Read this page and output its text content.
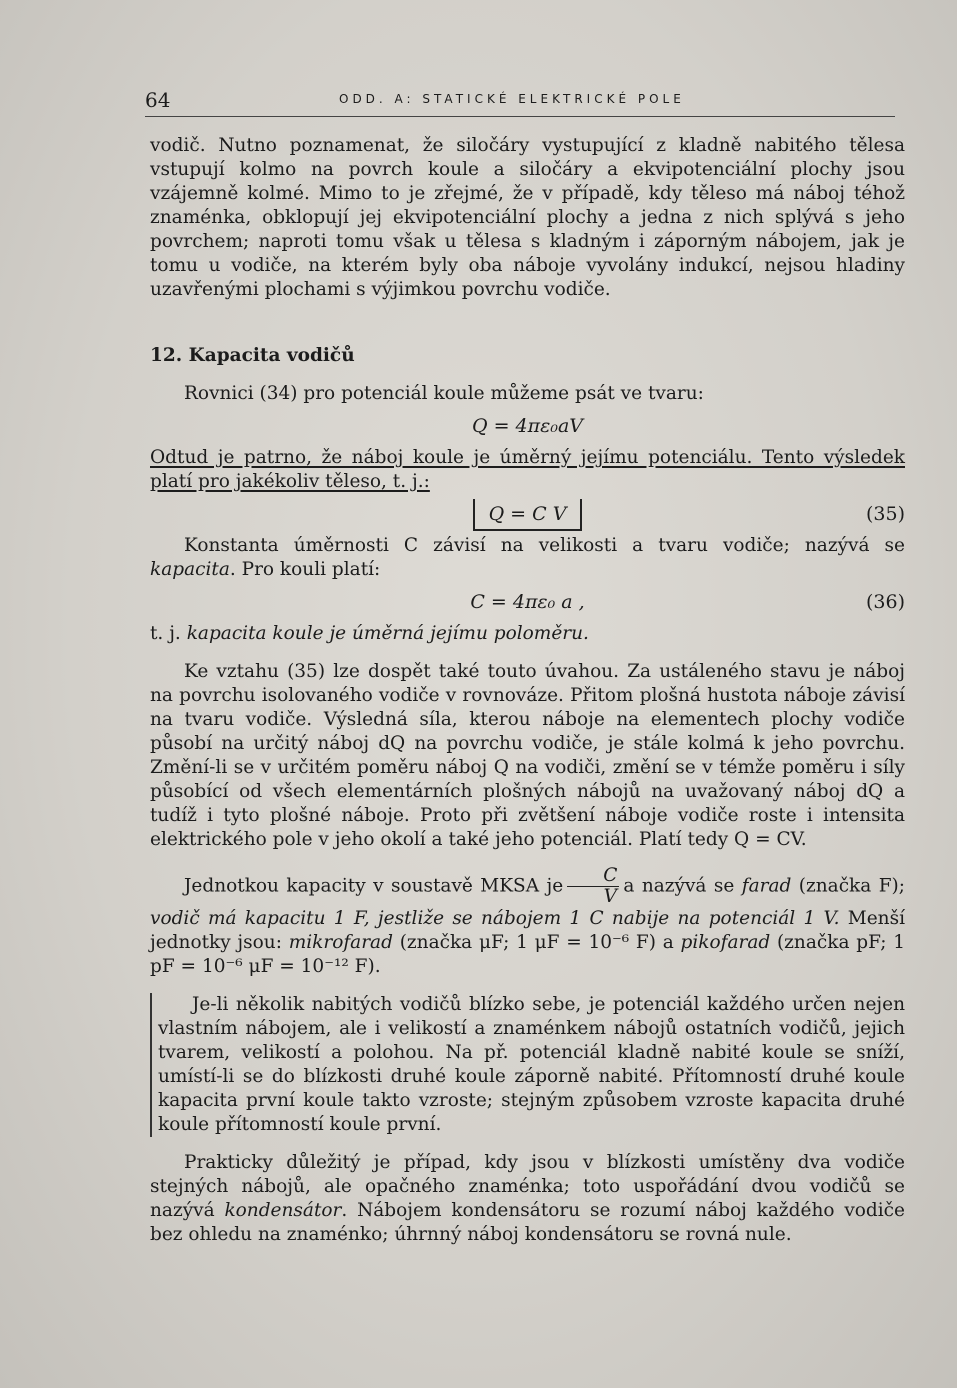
64	ODD. A: STATICKÉ ELEKTRICKÉ POLE

vodič. Nutno poznamenat, že siločáry vystupující z kladně nabitého tělesa vstupují kolmo na povrch koule a siločáry a ekvipotenciální plochy jsou vzájemně kolmé. Mimo to je zřejmé, že v případě, kdy těleso má náboj téhož znaménka, obklopují jej ekvipotenciální plochy a jedna z nich splývá s jeho povrchem; naproti tomu však u tělesa s kladným i záporným nábojem, jak je tomu u vodiče, na kterém byly oba náboje vyvolány indukcí, nejsou hladiny uzavřenými plochami s výjimkou povrchu vodiče.

12. Kapacita vodičů

Rovnici (34) pro potenciál koule můžeme psát ve tvaru:

Q = 4πε₀aV

Odtud je patrno, že náboj koule je úměrný jejímu potenciálu. Tento výsledek platí pro jakékoliv těleso, t. j.:

Q = C V	(35)

Konstanta úměrnosti C závisí na velikosti a tvaru vodiče; nazývá se kapacita. Pro kouli platí:

C = 4πε₀ a ,	(36)

t. j. kapacita koule je úměrná jejímu poloměru.

Ke vztahu (35) lze dospět také touto úvahou. Za ustáleného stavu je náboj na povrchu isolovaného vodiče v rovnováze. Přitom plošná hustota náboje závisí na tvaru vodiče. Výsledná síla, kterou náboje na elementech plochy vodiče působí na určitý náboj dQ na povrchu vodiče, je stále kolmá k jeho povrchu. Změní-li se v určitém poměru náboj Q na vodiči, změní se v témže poměru i síly působící od všech elementárních plošných nábojů na uvažovaný náboj dQ a tudíž i tyto plošné náboje. Proto při zvětšení náboje vodiče roste i intensita elektrického pole v jeho okolí a také jeho potenciál. Platí tedy Q = CV.

Jednotkou kapacity v soustavě MKSA je $\frac{C}{V}$ a nazývá se farad (značka F); vodič má kapacitu 1 F, jestliže se nábojem 1 C nabije na potenciál 1 V. Menší jednotky jsou: mikrofarad (značka μF; 1 μF = 10⁻⁶ F) a pikofarad (značka pF; 1 pF = 10⁻⁶ μF = 10⁻¹² F).

Je-li několik nabitých vodičů blízko sebe, je potenciál každého určen nejen vlastním nábojem, ale i velikostí a znaménkem nábojů ostatních vodičů, jejich tvarem, velikostí a polohou. Na př. potenciál kladně nabité koule se sníží, umístí-li se do blízkosti druhé koule záporně nabité. Přítomností druhé koule kapacita první koule takto vzroste; stejným způsobem vzroste kapacita druhé koule přítomností koule první.

Prakticky důležitý je případ, kdy jsou v blízkosti umístěny dva vodiče stejných nábojů, ale opačného znaménka; toto uspořádání dvou vodičů se nazývá kondensátor. Nábojem kondensátoru se rozumí náboj každého vodiče bez ohledu na znaménko; úhrnný náboj kondensátoru se rovná nule.
